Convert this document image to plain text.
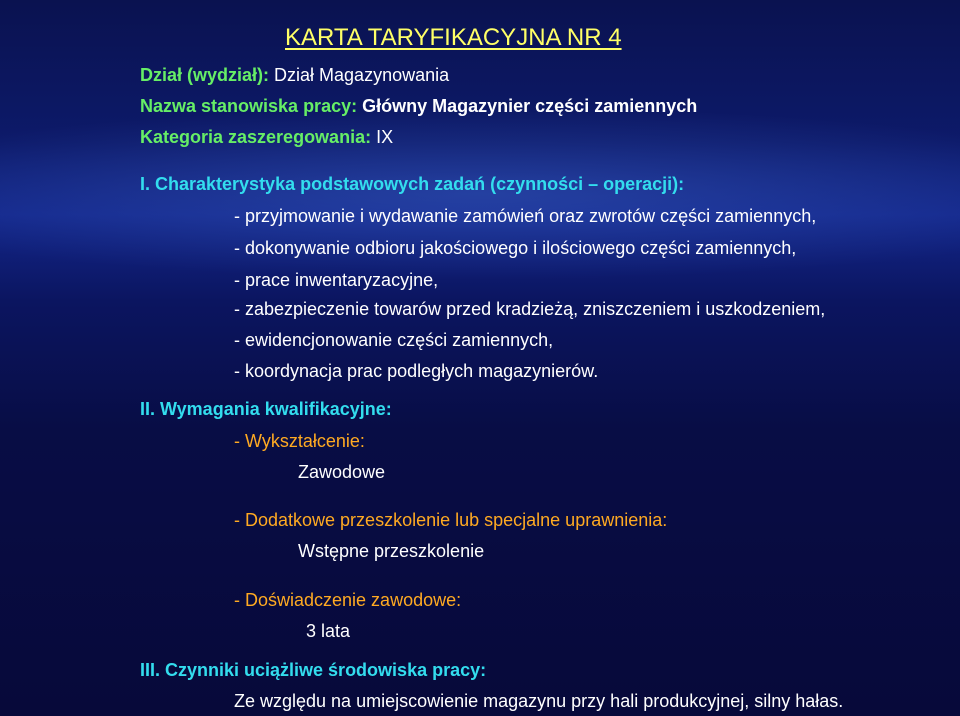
KARTA TARYFIKACYJNA NR 4
Dział (wydział): Dział Magazynowania
Nazwa stanowiska pracy: Główny Magazynier części zamiennych
Kategoria zaszeregowania: IX
I. Charakterystyka podstawowych zadań (czynności – operacji):
- przyjmowanie i wydawanie zamówień oraz zwrotów części zamiennych,
- dokonywanie odbioru jakościowego i ilościowego części zamiennych,
- prace inwentaryzacyjne,
- zabezpieczenie towarów przed kradzieżą, zniszczeniem i uszkodzeniem,
- ewidencjonowanie części zamiennych,
- koordynacja prac podległych magazynierów.
II. Wymagania kwalifikacyjne:
- Wykształcenie:
Zawodowe
- Dodatkowe przeszkolenie lub specjalne uprawnienia:
Wstępne przeszkolenie
- Doświadczenie zawodowe:
3 lata
III. Czynniki uciążliwe środowiska pracy:
Ze względu na umiejscowienie magazynu przy hali produkcyjnej, silny hałas.
